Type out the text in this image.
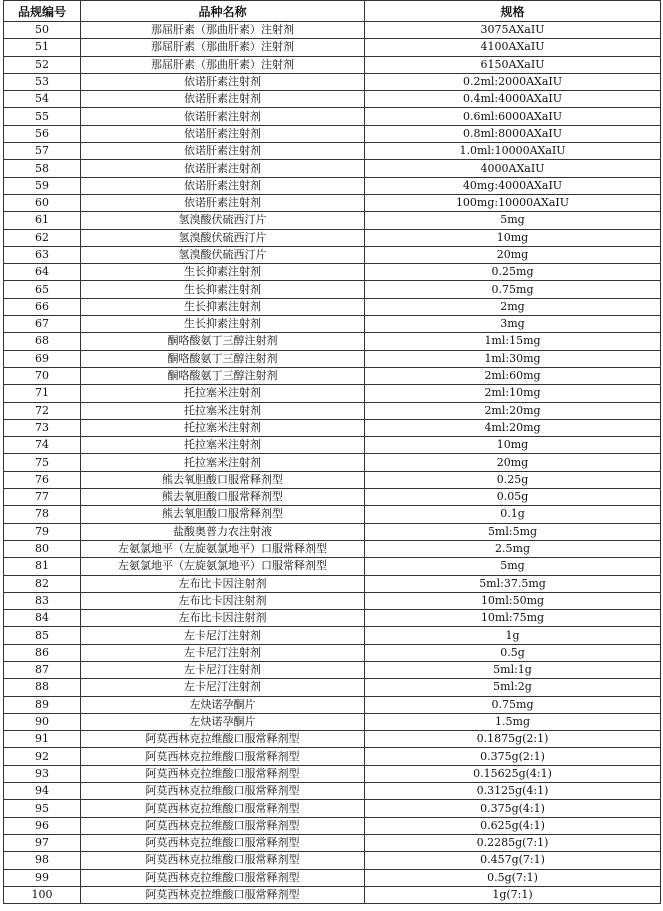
品规编号	品种名称	规格
50	那屈肝素（那曲肝素）注射剂	3075AXaIU
51	那屈肝素（那曲肝素）注射剂	4100AXaIU
52	那屈肝素（那曲肝素）注射剂	6150AXaIU
53	依诺肝素注射剂	0.2ml:2000AXaIU
54	依诺肝素注射剂	0.4ml:4000AXaIU
55	依诺肝素注射剂	0.6ml:6000AXaIU
56	依诺肝素注射剂	0.8ml:8000AXaIU
57	依诺肝素注射剂	1.0ml:10000AXaIU
58	依诺肝素注射剂	4000AXaIU
59	依诺肝素注射剂	40mg:4000AXaIU
60	依诺肝素注射剂	100mg:10000AXaIU
61	氢溴酸伏硫西汀片	5mg
62	氢溴酸伏硫西汀片	10mg
63	氢溴酸伏硫西汀片	20mg
64	生长抑素注射剂	0.25mg
65	生长抑素注射剂	0.75mg
66	生长抑素注射剂	2mg
67	生长抑素注射剂	3mg
68	酮咯酸氨丁三醇注射剂	1ml:15mg
69	酮咯酸氨丁三醇注射剂	1ml:30mg
70	酮咯酸氨丁三醇注射剂	2ml:60mg
71	托拉塞米注射剂	2ml:10mg
72	托拉塞米注射剂	2ml:20mg
73	托拉塞米注射剂	4ml:20mg
74	托拉塞米注射剂	10mg
75	托拉塞米注射剂	20mg
76	熊去氧胆酸口服常释剂型	0.25g
77	熊去氧胆酸口服常释剂型	0.05g
78	熊去氧胆酸口服常释剂型	0.1g
79	盐酸奥普力农注射液	5ml:5mg
80	左氨氯地平（左旋氨氯地平）口服常释剂型	2.5mg
81	左氨氯地平（左旋氨氯地平）口服常释剂型	5mg
82	左布比卡因注射剂	5ml:37.5mg
83	左布比卡因注射剂	10ml:50mg
84	左布比卡因注射剂	10ml:75mg
85	左卡尼汀注射剂	1g
86	左卡尼汀注射剂	0.5g
87	左卡尼汀注射剂	5ml:1g
88	左卡尼汀注射剂	5ml:2g
89	左炔诺孕酮片	0.75mg
90	左炔诺孕酮片	1.5mg
91	阿莫西林克拉维酸口服常释剂型	0.1875g(2:1)
92	阿莫西林克拉维酸口服常释剂型	0.375g(2:1)
93	阿莫西林克拉维酸口服常释剂型	0.15625g(4:1)
94	阿莫西林克拉维酸口服常释剂型	0.3125g(4:1)
95	阿莫西林克拉维酸口服常释剂型	0.375g(4:1)
96	阿莫西林克拉维酸口服常释剂型	0.625g(4:1)
97	阿莫西林克拉维酸口服常释剂型	0.2285g(7:1)
98	阿莫西林克拉维酸口服常释剂型	0.457g(7:1)
99	阿莫西林克拉维酸口服常释剂型	0.5g(7:1)
100	阿莫西林克拉维酸口服常释剂型	1g(7:1)
